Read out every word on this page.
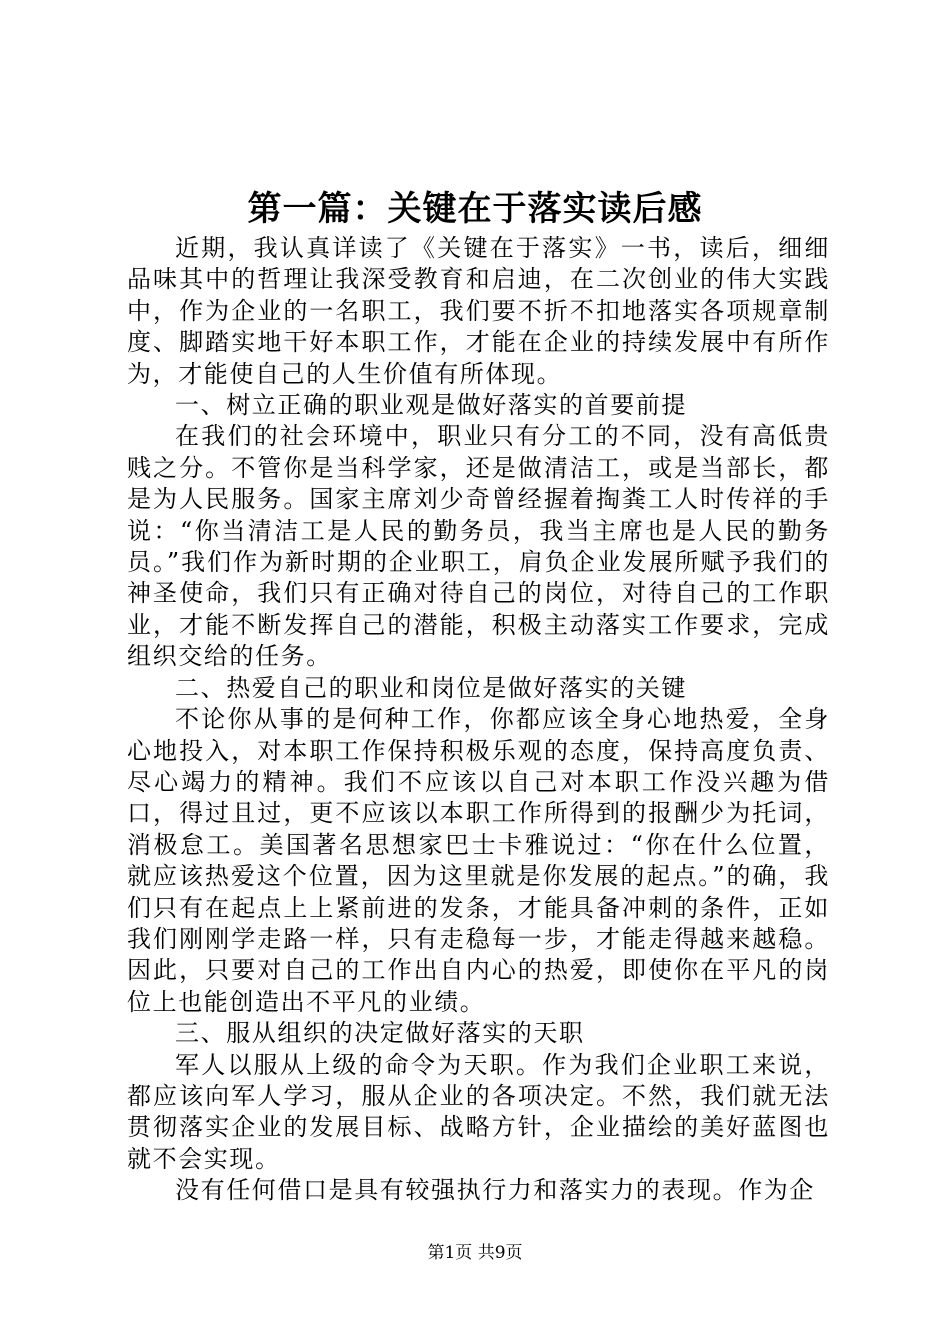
第一篇：关键在于落实读后感

近期，我认真详读了《关键在于落实》一书，读后，细细品味其中的哲理让我深受教育和启迪，在二次创业的伟大实践中，作为企业的一名职工，我们要不折不扣地落实各项规章制度、脚踏实地干好本职工作，才能在企业的持续发展中有所作为，才能使自己的人生价值有所体现。

一、树立正确的职业观是做好落实的首要前提

在我们的社会环境中，职业只有分工的不同，没有高低贵贱之分。不管你是当科学家，还是做清洁工，或是当部长，都是为人民服务。国家主席刘少奇曾经握着掏粪工人时传祥的手说：“你当清洁工是人民的勤务员，我当主席也是人民的勤务员。”我们作为新时期的企业职工，肩负企业发展所赋予我们的神圣使命，我们只有正确对待自己的岗位，对待自己的工作职业，才能不断发挥自己的潜能，积极主动落实工作要求，完成组织交给的任务。

二、热爱自己的职业和岗位是做好落实的关键

不论你从事的是何种工作，你都应该全身心地热爱，全身心地投入，对本职工作保持积极乐观的态度，保持高度负责、尽心竭力的精神。我们不应该以自己对本职工作没兴趣为借口，得过且过，更不应该以本职工作所得到的报酬少为托词，消极怠工。美国著名思想家巴士卡雅说过：“你在什么位置，就应该热爱这个位置，因为这里就是你发展的起点。”的确，我们只有在起点上上紧前进的发条，才能具备冲刺的条件，正如我们刚刚学走路一样，只有走稳每一步，才能走得越来越稳。因此，只要对自己的工作出自内心的热爱，即使你在平凡的岗位上也能创造出不平凡的业绩。

三、服从组织的决定做好落实的天职

军人以服从上级的命令为天职。作为我们企业职工来说，都应该向军人学习，服从企业的各项决定。不然，我们就无法贯彻落实企业的发展目标、战略方针，企业描绘的美好蓝图也就不会实现。

没有任何借口是具有较强执行力和落实力的表现。作为企

第1页 共9页
